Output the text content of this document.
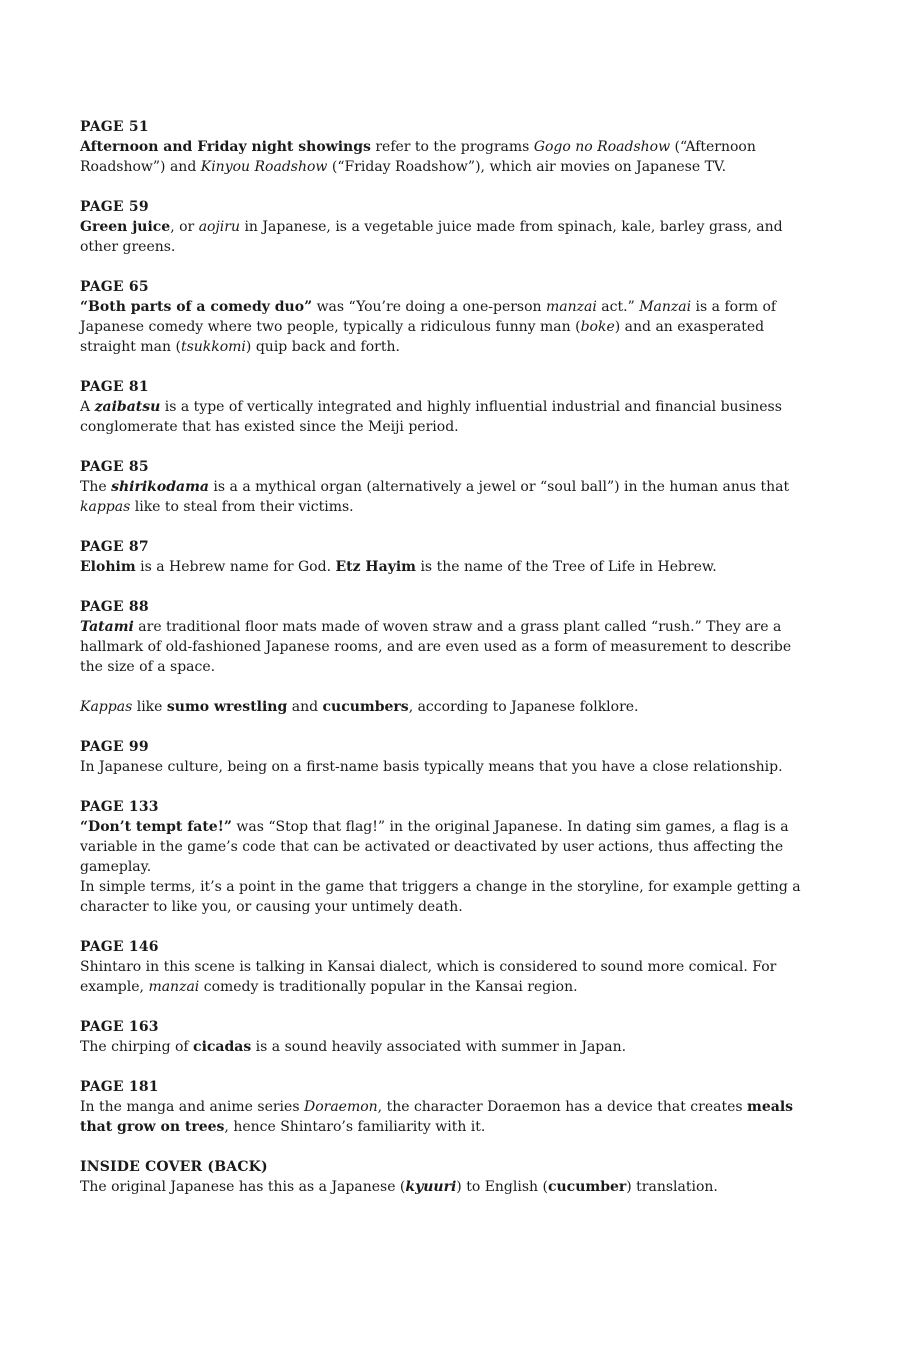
PAGE 51

Afternoon and Friday night showings refer to the programs Gogo no Roadshow (“Afternoon Roadshow”) and Kinyou Roadshow (“Friday Roadshow”), which air movies on Japanese TV.

PAGE 59

Green juice, or aojiru in Japanese, is a vegetable juice made from spinach, kale, barley grass, and other greens.

PAGE 65

“Both parts of a comedy duo” was “You’re doing a one-person manzai act.” Manzai is a form of Japanese comedy where two people, typically a ridiculous funny man (boke) and an exasperated straight man (tsukkomi) quip back and forth.

PAGE 81

A zaibatsu is a type of vertically integrated and highly influential industrial and financial business conglomerate that has existed since the Meiji period.

PAGE 85

The shirikodama is a a mythical organ (alternatively a jewel or “soul ball”) in the human anus that kappas like to steal from their victims.

PAGE 87

Elohim is a Hebrew name for God. Etz Hayim is the name of the Tree of Life in Hebrew.

PAGE 88

Tatami are traditional floor mats made of woven straw and a grass plant called “rush.” They are a hallmark of old-fashioned Japanese rooms, and are even used as a form of measurement to describe the size of a space.

Kappas like sumo wrestling and cucumbers, according to Japanese folklore.

PAGE 99

In Japanese culture, being on a first-name basis typically means that you have a close relationship.

PAGE 133

“Don’t tempt fate!” was “Stop that flag!” in the original Japanese. In dating sim games, a flag is a variable in the game’s code that can be activated or deactivated by user actions, thus affecting the gameplay.

In simple terms, it’s a point in the game that triggers a change in the storyline, for example getting a character to like you, or causing your untimely death.

PAGE 146

Shintaro in this scene is talking in Kansai dialect, which is considered to sound more comical. For example, manzai comedy is traditionally popular in the Kansai region.

PAGE 163

The chirping of cicadas is a sound heavily associated with summer in Japan.

PAGE 181

In the manga and anime series Doraemon, the character Doraemon has a device that creates meals that grow on trees, hence Shintaro’s familiarity with it.

INSIDE COVER (BACK)

The original Japanese has this as a Japanese (kyuuri) to English (cucumber) translation.
